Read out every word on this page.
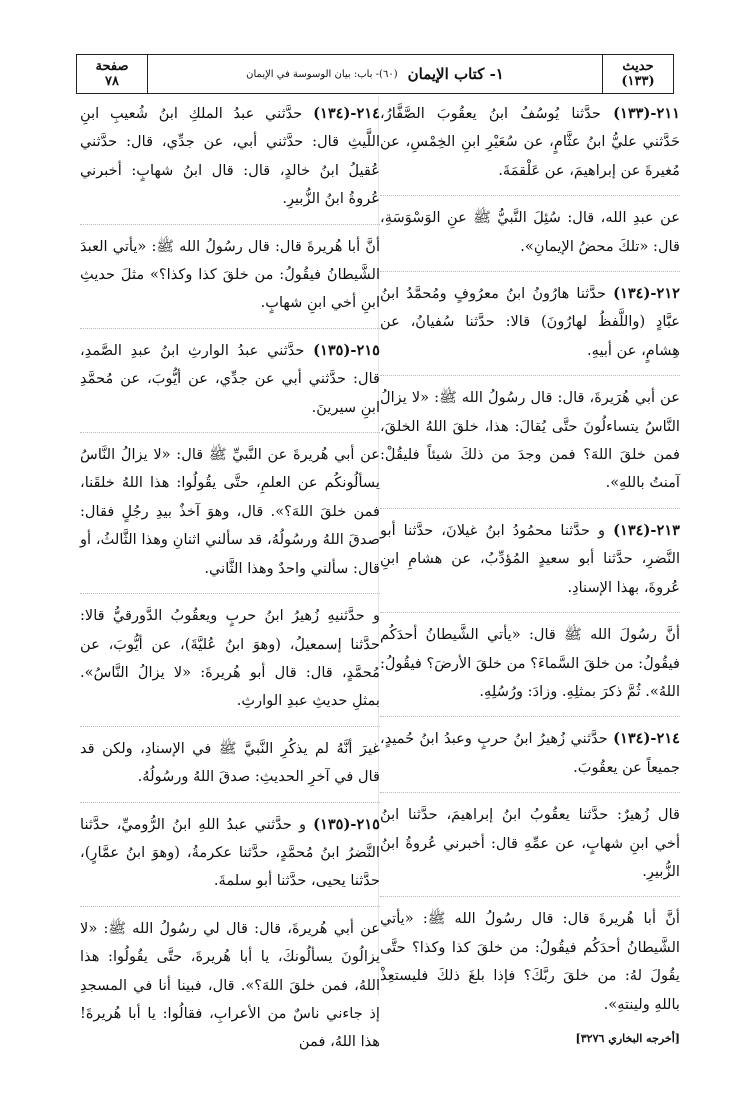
حديث
(١٣٣)
١- كتاب الإيمان
(٦٠)- باب: بيان الوسوسة في الإيمان
صفحة
٧٨

٢١١-(١٣٣) حدَّثنا يُوسُفُ ابنُ يعقُوبَ الصَّفَّارُ، حَدَّثني عليُّ ابنُ عثَّامٍ، عن سُعَيْرِ ابنِ الخِمْسِ، عن مُغيرةَ عن إبراهيمَ، عن عَلْقمَةَ.

عن عبدِ الله، قال: سُئِلَ النَّبيُّ ﷺ عنِ الوَسْوَسَةِ، قال: «تلكَ محضُ الإيمانِ».

٢١٢-(١٣٤) حدَّثنا هارُونُ ابنُ معرُوفٍ ومُحمَّدُ ابنُ عبَّادٍ (واللَّفظُ لهارُونَ) قالا: حدَّثنا سُفيانُ، عن هِشامٍ، عن أبيهِ.

عن أبي هُرَيرةَ، قال: قال رسُولُ الله ﷺ: «لا يزالُ النَّاسُ يتساءلُونَ حتَّى يُقالَ: هذا، خلقَ اللهُ الخلقَ، فمن خلقَ اللهَ؟ فمن وجدَ من ذلكَ شيئاً فليقُلْ: آمنتُ باللهِ».

٢١٣-(١٣٤) و حدَّثنا محمُودُ ابنُ غيلانَ، حدَّثنا أبو النَّضرِ، حدَّثنا أبو سعيدٍ المُؤدِّبُ، عن هشامِ ابنِ عُروةَ، بهذا الإسنادِ.

أنَّ رسُولَ الله ﷺ قال: «يأتي الشَّيطانُ أحدَكُم فيقُولُ: من خلقَ السَّماءَ؟ من خلقَ الأرضَ؟ فيقُولُ: اللهُ». ثُمَّ ذكرَ بمثلِهِ. وزادَ: ورُسُلِهِ.

٢١٤-(١٣٤) حدَّثني زُهيرُ ابنُ حربٍ وعبدُ ابنُ حُميدٍ، جميعاً عن يعقُوبَ.

قال زُهيرٌ: حدَّثنا يعقُوبُ ابنُ إبراهيمَ، حدَّثنا ابنُ أخي ابنِ شهابٍ، عن عمِّهِ قال: أخبرني عُروةُ ابنُ الزُّبيرِ.

أنَّ أبا هُريرةَ قال: قال رسُولُ الله ﷺ: «يأتي الشَّيطانُ أحدَكُم فيقُولُ: من خلقَ كذا وكذا؟ حتَّى يقُولَ لهُ: من خلقَ ربَّكَ؟ فإذا بلغَ ذلكَ فليستعِذْ باللهِ ولينتهِ».

[أخرجه البخاري ٣٢٧٦]

٢١٤-(١٣٤) حدَّثني عبدُ الملكِ ابنُ شُعيبِ ابنِ اللَّيثِ قال: حدَّثني أبي، عن جدِّي، قال: حدَّثني عُقيلُ ابنُ خالدٍ، قال: قال ابنُ شهابٍ: أخبرني عُروةُ ابنُ الزُّبيرِ.

أنَّ أبا هُريرةَ قال: قال رسُولُ الله ﷺ: «يأتي العبدَ الشَّيطانُ فيقُولُ: من خلقَ كذا وكذا؟» مثلَ حديثِ ابنِ أخي ابنِ شهابٍ.

٢١٥-(١٣٥) حدَّثني عبدُ الوارثِ ابنُ عبدِ الصَّمدِ، قال: حدَّثني أبي عن جدِّي، عن أيُّوبَ، عن مُحمَّدِ ابنِ سيرينَ.

عن أبي هُريرةَ عن النَّبيِّ ﷺ قال: «لا يزالُ النَّاسُ يسألُونكُم عن العلمِ، حتَّى يقُولُوا: هذا اللهُ خلقَنا، فمن خلقَ اللهَ؟». قال، وهوَ آخذٌ بيدِ رجُلٍ فقال: صدقَ اللهُ ورسُولُهُ، قد سألني اثنانِ وهذا الثَّالثُ، أو قال: سألني واحدٌ وهذا الثَّاني.

و حدَّثنيهِ زُهيرُ ابنُ حربٍ ويعقُوبُ الدَّورقيُّ قالا: حدَّثنا إسمعيلُ، (وهوَ ابنُ عُليَّةَ)، عن أيُّوبَ، عن مُحمَّدٍ، قال: قال أبو هُريرةَ: «لا يزالُ النَّاسُ». بمثلِ حديثِ عبدِ الوارثِ.

غيرَ أنَّهُ لم يذكُرِ النَّبيَّ ﷺ في الإسنادِ، ولكن قد قال في آخرِ الحديثِ: صدقَ اللهُ ورسُولُهُ.

٢١٥-(١٣٥) و حدَّثني عبدُ اللهِ ابنُ الرُّوميِّ، حدَّثنا النَّضرُ ابنُ مُحمَّدٍ، حدَّثنا عكرمةُ، (وهوَ ابنُ عمَّارٍ)، حدَّثنا يحيى، حدَّثنا أبو سلمةَ.

عن أبي هُريرةَ، قال: قال لي رسُولُ الله ﷺ: «لا يزالُونَ يسألُونكَ، يا أبا هُريرةَ، حتَّى يقُولُوا: هذا اللهُ، فمن خلقَ اللهَ؟». قال، فبينا أنا في المسجدِ إذ جاءني ناسٌ من الأعرابِ، فقالُوا: يا أبا هُريرةَ! هذا اللهُ، فمن
